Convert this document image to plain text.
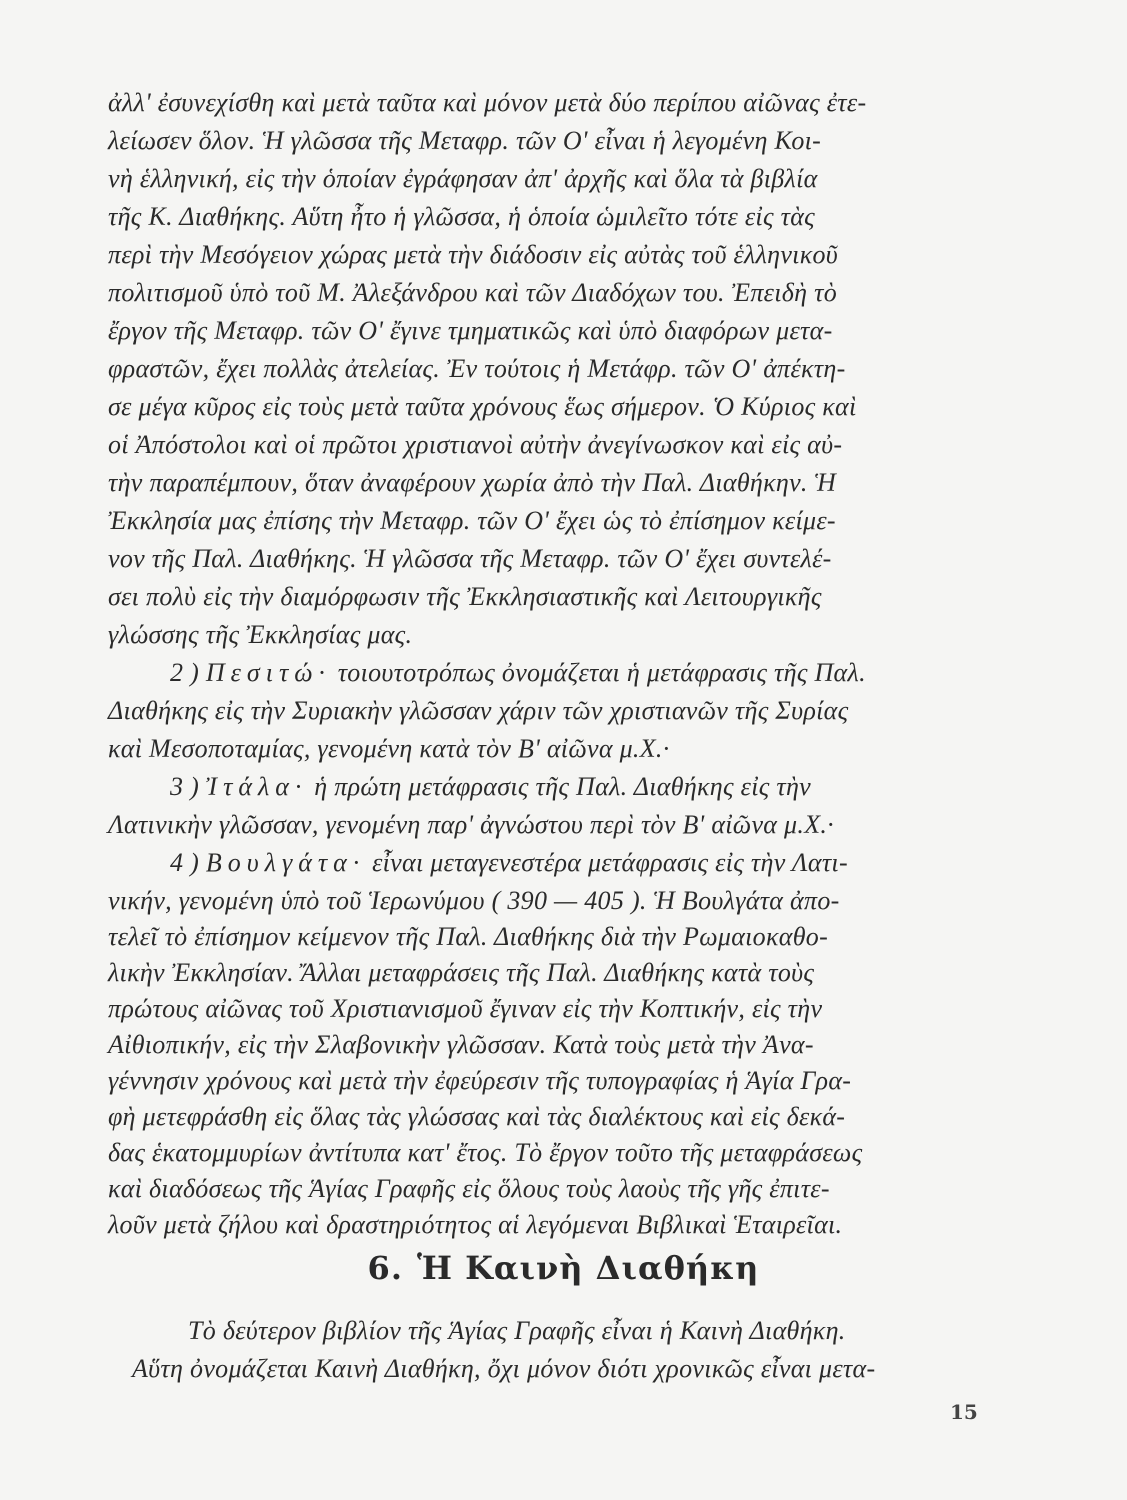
ἀλλ' ἐσυνεχίσθη καὶ μετὰ ταῦτα καὶ μόνον μετὰ δύο περίπου αἰῶνας ἐτε-
λείωσεν ὅλον. Ἡ γλῶσσα τῆς Μεταφρ. τῶν Ο' εἶναι ἡ λεγομένη Κοι-
νὴ ἑλληνική, εἰς τὴν ὁποίαν ἐγράφησαν ἀπ' ἀρχῆς καὶ ὅλα τὰ βιβλία
τῆς Κ. Διαθήκης. Αὕτη ἦτο ἡ γλῶσσα, ἡ ὁποία ὡμιλεῖτο τότε εἰς τὰς
περὶ τὴν Μεσόγειον χώρας μετὰ τὴν διάδοσιν εἰς αὐτὰς τοῦ ἑλληνικοῦ
πολιτισμοῦ ὑπὸ τοῦ Μ. Ἀλεξάνδρου καὶ τῶν Διαδόχων του. Ἐπειδὴ τὸ
ἔργον τῆς Μεταφρ. τῶν Ο' ἔγινε τμηματικῶς καὶ ὑπὸ διαφόρων μετα-
φραστῶν, ἔχει πολλὰς ἀτελείας. Ἐν τούτοις ἡ Μετάφρ. τῶν Ο' ἀπέκτη-
σε μέγα κῦρος εἰς τοὺς μετὰ ταῦτα χρόνους ἕως σήμερον. Ὁ Κύριος καὶ
οἱ Ἀπόστολοι καὶ οἱ πρῶτοι χριστιανοὶ αὐτὴν ἀνεγίνωσκον καὶ εἰς αὐ-
τὴν παραπέμπουν, ὅταν ἀναφέρουν χωρία ἀπὸ τὴν Παλ. Διαθήκην. Ἡ
Ἐκκλησία μας ἐπίσης τὴν Μεταφρ. τῶν Ο' ἔχει ὡς τὸ ἐπίσημον κείμε-
νον τῆς Παλ. Διαθήκης. Ἡ γλῶσσα τῆς Μεταφρ. τῶν Ο' ἔχει συντελέ-
σει πολὺ εἰς τὴν διαμόρφωσιν τῆς Ἐκκλησιαστικῆς καὶ Λειτουργικῆς
γλώσσης τῆς Ἐκκλησίας μας.
2 ) Πεσιτώ· τοιουτοτρόπως ὀνομάζεται ἡ μετάφρασις τῆς Παλ.
Διαθήκης εἰς τὴν Συριακὴν γλῶσσαν χάριν τῶν χριστιανῶν τῆς Συρίας
καὶ Μεσοποταμίας, γενομένη κατὰ τὸν Β' αἰῶνα μ.Χ.·
3 ) Ἰτάλα· ἡ πρώτη μετάφρασις τῆς Παλ. Διαθήκης εἰς τὴν
Λατινικὴν γλῶσσαν, γενομένη παρ' ἀγνώστου περὶ τὸν Β' αἰῶνα μ.Χ.·
4 ) Βουλγάτα· εἶναι μεταγενεστέρα μετάφρασις εἰς τὴν Λατι-
νικήν, γενομένη ὑπὸ τοῦ Ἱερωνύμου ( 390 — 405 ). Ἡ Βουλγάτα ἀπο-
τελεῖ τὸ ἐπίσημον κείμενον τῆς Παλ. Διαθήκης διὰ τὴν Ρωμαιοκαθο-
λικὴν Ἐκκλησίαν. Ἄλλαι μεταφράσεις τῆς Παλ. Διαθήκης κατὰ τοὺς
πρώτους αἰῶνας τοῦ Χριστιανισμοῦ ἔγιναν εἰς τὴν Κοπτικήν, εἰς τὴν
Αἰθιοπικήν, εἰς τὴν Σλαβονικὴν γλῶσσαν. Κατὰ τοὺς μετὰ τὴν Ἀνα-
γέννησιν χρόνους καὶ μετὰ τὴν ἐφεύρεσιν τῆς τυπογραφίας ἡ Ἁγία Γρα-
φὴ μετεφράσθη εἰς ὅλας τὰς γλώσσας καὶ τὰς διαλέκτους καὶ εἰς δεκά-
δας ἑκατομμυρίων ἀντίτυπα κατ' ἔτος. Τὸ ἔργον τοῦτο τῆς μεταφράσεως
καὶ διαδόσεως τῆς Ἁγίας Γραφῆς εἰς ὅλους τοὺς λαοὺς τῆς γῆς ἐπιτε-
6. Ἡ Καινὴ Διαθήκη
Τὸ δεύτερον βιβλίον τῆς Ἁγίας Γραφῆς εἶναι ἡ Καινὴ Διαθήκη.
Αὕτη ὀνομάζεται Καινὴ Διαθήκη, ὄχι μόνον διότι χρονικῶς εἶναι μετα-
15
λοῦν μετὰ ζήλου καὶ δραστηριότητος αἱ λεγόμεναι Βιβλικαὶ Ἑταιρεῖαι.
